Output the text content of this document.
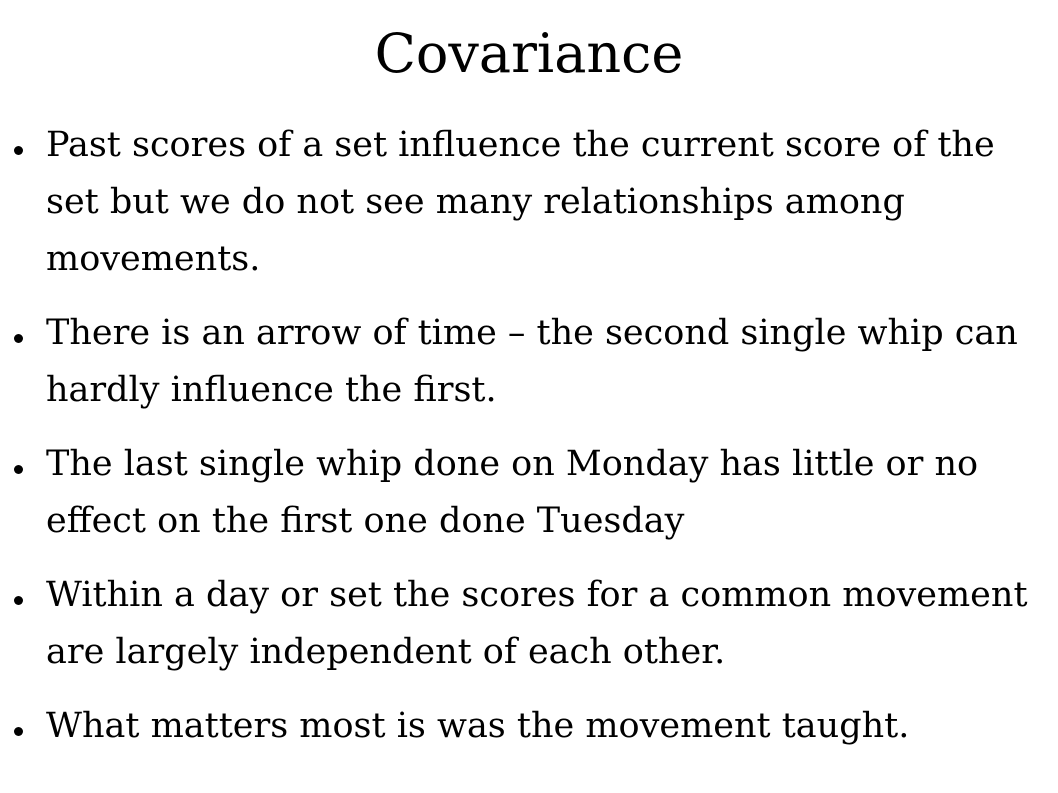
Covariance
Past scores of a set influence the current score of the set but we do not see many relationships among movements.
There is an arrow of time – the second single whip can hardly influence the first.
The last single whip done on Monday has little or no effect on the first one done Tuesday
Within a day or set the scores for a common movement are largely independent of each other.
What matters most is was the movement taught.
